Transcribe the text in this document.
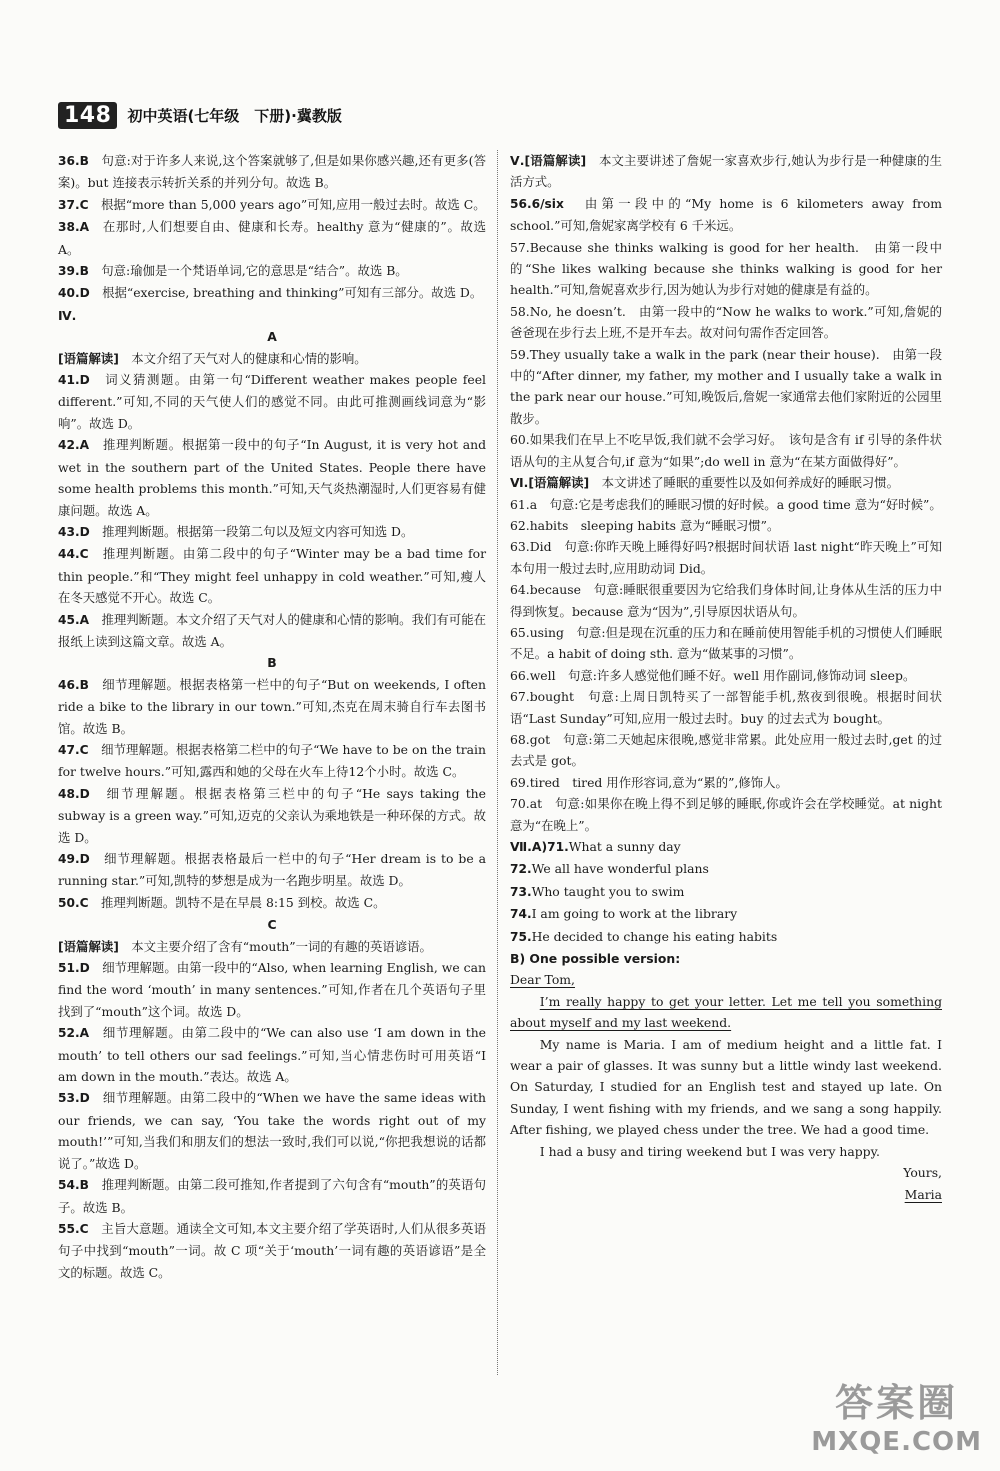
148	初中英语(七年级　下册)·冀教版

36.B　 句意:对于许多人来说,这个答案就够了,但是如果你感兴趣,还有更多(答案)。but 连接表示转折关系的并列分句。故选 B。

37.C　 根据“more than 5,000 years ago”可知,应用一般过去时。故选 C。

38.A　 在那时,人们想要自由、健康和长寿。healthy 意为“健康的”。故选 A。

39.B　 句意:瑜伽是一个梵语单词,它的意思是“结合”。故选 B。

40.D　 根据“exercise, breathing and thinking”可知有三部分。故选 D。

Ⅳ.

A

[语篇解读]　 本文介绍了天气对人的健康和心情的影响。

41.D　 词义猜测题。由第一句“Different weather makes people feel different.”可知,不同的天气使人们的感觉不同。由此可推测画线词意为“影响”。故选 D。

42.A　 推理判断题。根据第一段中的句子“In August, it is very hot and wet in the southern part of the United States. People there have some health problems this month.”可知,天气炎热潮湿时,人们更容易有健康问题。故选 A。

43.D　 推理判断题。根据第一段第二句以及短文内容可知选 D。

44.C　 推理判断题。由第二段中的句子“Winter may be a bad time for thin people.”和“They might feel unhappy in cold weather.”可知,瘦人在冬天感觉不开心。故选 C。

45.A　 推理判断题。本文介绍了天气对人的健康和心情的影响。我们有可能在报纸上读到这篇文章。故选 A。

B

46.B　 细节理解题。根据表格第一栏中的句子“But on weekends, I often ride a bike to the library in our town.”可知,杰克在周末骑自行车去图书馆。故选 B。

47.C　 细节理解题。根据表格第二栏中的句子“We have to be on the train for twelve hours.”可知,露西和她的父母在火车上待12个小时。故选 C。

48.D　 细节理解题。根据表格第三栏中的句子“He says taking the subway is a green way.”可知,迈克的父亲认为乘地铁是一种环保的方式。故选 D。

49.D　 细节理解题。根据表格最后一栏中的句子“Her dream is to be a running star.”可知,凯特的梦想是成为一名跑步明星。故选 D。

50.C　 推理判断题。凯特不是在早晨 8:15 到校。故选 C。

C

[语篇解读]　 本文主要介绍了含有“mouth”一词的有趣的英语谚语。

51.D　 细节理解题。由第一段中的“Also, when learning English, we can find the word ‘mouth’ in many sentences.”可知,作者在几个英语句子里找到了“mouth”这个词。故选 D。

52.A　 细节理解题。由第二段中的“We can also use ‘I am down in the mouth’ to tell others our sad feelings.”可知,当心情悲伤时可用英语“I am down in the mouth.”表达。故选 A。

53.D　 细节理解题。由第二段中的“When we have the same ideas with our friends, we can say, ‘You take the words right out of my mouth!’”可知,当我们和朋友们的想法一致时,我们可以说,“你把我想说的话都说了。”故选 D。

54.B　 推理判断题。由第二段可推知,作者提到了六句含有“mouth”的英语句子。故选 B。

55.C　 主旨大意题。通读全文可知,本文主要介绍了学英语时,人们从很多英语句子中找到“mouth”一词。故 C 项“关于‘mouth’一词有趣的英语谚语”是全文的标题。故选 C。

Ⅴ.[语篇解读]　 本文主要讲述了詹妮一家喜欢步行,她认为步行是一种健康的生活方式。

56.6/six　 由第一段中的“My home is 6 kilometers away from school.”可知,詹妮家离学校有 6 千米远。

57.Because she thinks walking is good for her health.　 由第一段中的“She likes walking because she thinks walking is good for her health.”可知,詹妮喜欢步行,因为她认为步行对她的健康是有益的。

58.No, he doesn’t.　 由第一段中的“Now he walks to work.”可知,詹妮的爸爸现在步行去上班,不是开车去。故对问句需作否定回答。

59.They usually take a walk in the park (near their house).　 由第一段中的“After dinner, my father, my mother and I usually take a walk in the park near our house.”可知,晚饭后,詹妮一家通常去他们家附近的公园里散步。

60.如果我们在早上不吃早饭,我们就不会学习好。　 该句是含有 if 引导的条件状语从句的主从复合句,if 意为“如果”;do well in 意为“在某方面做得好”。

Ⅵ.[语篇解读]　 本文讲述了睡眠的重要性以及如何养成好的睡眠习惯。

61.a　 句意:它是考虑我们的睡眠习惯的好时候。a good time 意为“好时候”。

62.habits　 sleeping habits 意为“睡眠习惯”。

63.Did　 句意:你昨天晚上睡得好吗?根据时间状语 last night“昨天晚上”可知本句用一般过去时,应用助动词 Did。

64.because　 句意:睡眠很重要因为它给我们身体时间,让身体从生活的压力中得到恢复。because 意为“因为”,引导原因状语从句。

65.using　 句意:但是现在沉重的压力和在睡前使用智能手机的习惯使人们睡眠不足。a habit of doing sth. 意为“做某事的习惯”。

66.well　 句意:许多人感觉他们睡不好。well 用作副词,修饰动词 sleep。

67.bought　 句意:上周日凯特买了一部智能手机,熬夜到很晚。根据时间状语“Last Sunday”可知,应用一般过去时。buy 的过去式为 bought。

68.got　 句意:第二天她起床很晚,感觉非常累。此处应用一般过去时,get 的过去式是 got。

69.tired　 tired 用作形容词,意为“累的”,修饰人。

70.at　 句意:如果你在晚上得不到足够的睡眠,你或许会在学校睡觉。at night 意为“在晚上”。

Ⅶ.A)71.What a sunny day

72.We all have wonderful plans

73.Who taught you to swim

74.I am going to work at the library

75.He decided to change his eating habits

B) One possible version:

Dear Tom,

I’m really happy to get your letter. Let me tell you something about myself and my last weekend.

My name is Maria. I am of medium height and a little fat. I wear a pair of glasses. It was sunny but a little windy last weekend. On Saturday, I studied for an English test and stayed up late. On Sunday, I went fishing with my friends, and we sang a song happily. After fishing, we played chess under the tree. We had a good time.

I had a busy and tiring weekend but I was very happy.

Yours,

Maria

答案圈
MXQE.COM
